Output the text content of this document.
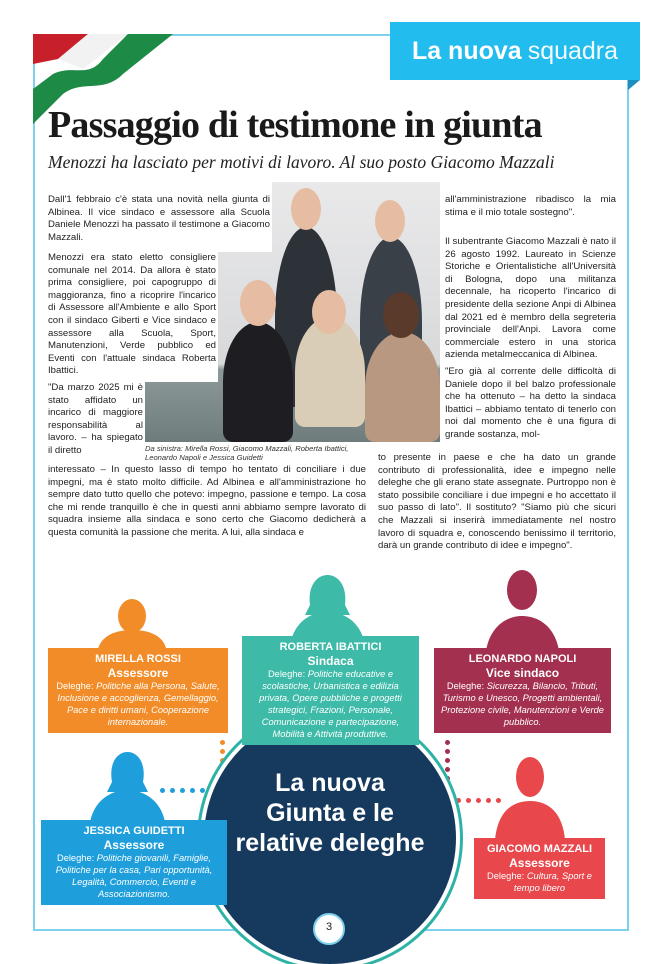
La nuova squadra
Passaggio di testimone in giunta
Menozzi ha lasciato per motivi di lavoro. Al suo posto Giacomo Mazzali
Da sinistra: Mirella Rossi, Giacomo Mazzali, Roberta Ibattici, Leonardo Napoli e Jessica Guidetti
Dall'1 febbraio c'è stata una novità nella giunta di Albinea. Il vice sindaco e assessore alla Scuola Daniele Menozzi ha passato il testimone a Giacomo Mazzali.
Menozzi era stato eletto consigliere comunale nel 2014. Da allora è stato prima consigliere, poi capogruppo di maggioranza, fino a ricoprire l'incarico di Assessore all'Ambiente e allo Sport con il sindaco Giberti e Vice sindaco e assessore alla Scuola, Sport, Manutenzioni, Verde pubblico ed Eventi con l'attuale sindaca Roberta Ibattici.
"Da marzo 2025 mi è stato affidato un incarico di maggiore responsabilità al lavoro. – ha spiegato il diretto
interessato – In questo lasso di tempo ho tentato di conciliare i due impegni, ma è stato molto difficile. Ad Albinea e all'amministrazione ho sempre dato tutto quello che potevo: impegno, passione e tempo. La cosa che mi rende tranquillo è che in questi anni abbiamo sempre lavorato di squadra insieme alla sindaca e sono certo che Giacomo dedicherà a questa comunità la passione che merita. A lui, alla sindaca e
all'amministrazione ribadisco la mia stima e il mio totale sostegno".
Il subentrante Giacomo Mazzali è nato il 26 agosto 1992. Laureato in Scienze Storiche e Orientalistiche all'Università di Bologna, dopo una militanza decennale, ha ricoperto l'incarico di presidente della sezione Anpi di Albinea dal 2021 ed è membro della segreteria provinciale dell'Anpi. Lavora come commerciale estero in una storica azienda metalmeccanica di Albinea.
"Ero già al corrente delle difficoltà di Daniele dopo il bel balzo professionale che ha ottenuto – ha detto la sindaca Ibattici – abbiamo tentato di tenerlo con noi dal momento che è una figura di grande sostanza, mol-
to presente in paese e che ha dato un grande contributo di professionalità, idee e impegno nelle deleghe che gli erano state assegnate. Purtroppo non è stato possibile conciliare i due impegni e ho accettato il suo passo di lato". Il sostituto? "Siamo più che sicuri che Mazzali si inserirà immediatamente nel nostro lavoro di squadra e, conoscendo benissimo il territorio, darà un grande contributo di idee e impegno".
La nuova Giunta e le relative deleghe
MIRELLA ROSSI
Assessore
Deleghe: Politiche alla Persona, Salute, Inclusione e accoglienza, Gemellaggio, Pace e diritti umani, Cooperazione internazionale.
ROBERTA IBATTICI
Sindaca
Deleghe: Politiche educative e scolastiche, Urbanistica e edilizia privata, Opere pubbliche e progetti strategici, Frazioni, Personale, Comunicazione e partecipazione, Mobilità e Attività produttive.
LEONARDO NAPOLI
Vice sindaco
Deleghe: Sicurezza, Bilancio, Tributi, Turismo e Unesco, Progetti ambientali, Protezione civile, Manutenzioni e Verde pubblico.
JESSICA GUIDETTI
Assessore
Deleghe: Politiche giovanili, Famiglie, Politiche per la casa, Pari opportunità, Legalità, Commercio, Eventi e Associazionismo.
GIACOMO MAZZALI
Assessore
Deleghe: Cultura, Sport e tempo libero
3
